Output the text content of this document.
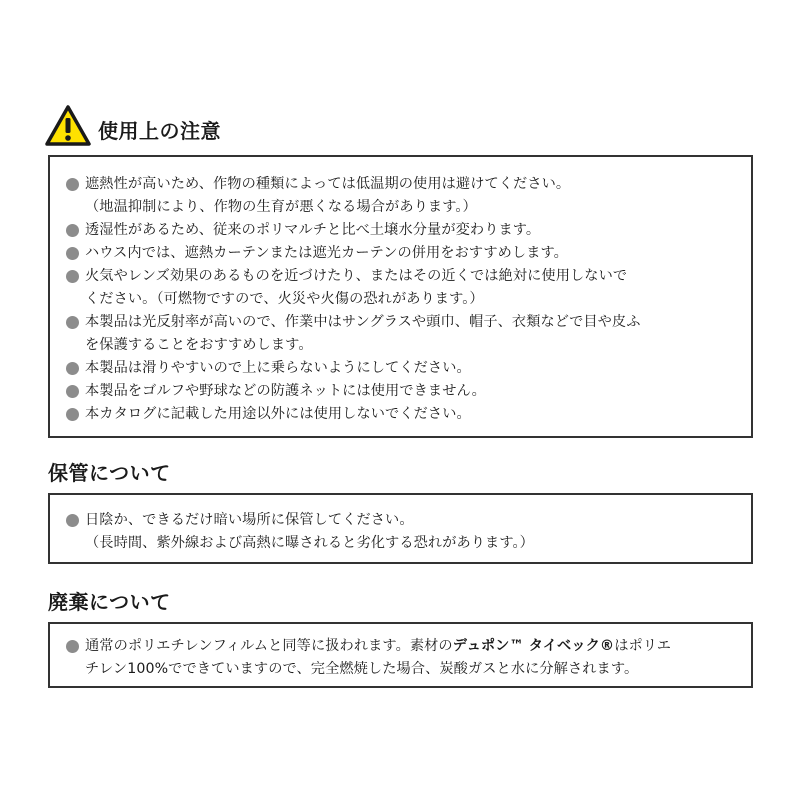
使用上の注意
遮熱性が高いため、作物の種類によっては低温期の使用は避けてください。
（地温抑制により、作物の生育が悪くなる場合があります。）
透湿性があるため、従来のポリマルチと比べ土壌水分量が変わります。
ハウス内では、遮熱カーテンまたは遮光カーテンの併用をおすすめします。
火気やレンズ効果のあるものを近づけたり、またはその近くでは絶対に使用しないで
ください。（可燃物ですので、火災や火傷の恐れがあります。）
本製品は光反射率が高いので、作業中はサングラスや頭巾、帽子、衣類などで目や皮ふ
を保護することをおすすめします。
本製品は滑りやすいので上に乗らないようにしてください。
本製品をゴルフや野球などの防護ネットには使用できません。
本カタログに記載した用途以外には使用しないでください。
保管について
日陰か、できるだけ暗い場所に保管してください。
（長時間、紫外線および高熱に曝されると劣化する恐れがあります。）
廃棄について
通常のポリエチレンフィルムと同等に扱われます。素材のデュポン™ タイベック®はポリエ
チレン100%でできていますので、完全燃焼した場合、炭酸ガスと水に分解されます。
